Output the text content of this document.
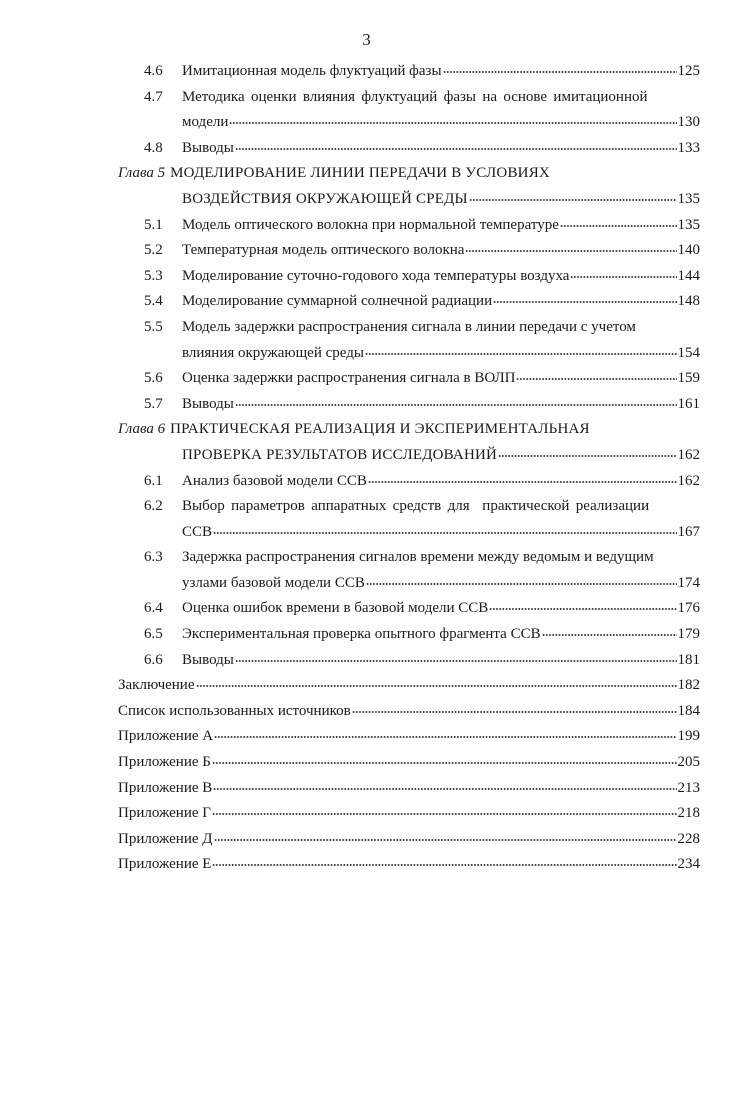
3
4.6	Имитационная модель флуктуаций фазы	125
4.7	Методика оценки влияния флуктуаций фазы на основе имитационной
модели	130
4.8	Выводы	133
Глава 5 МОДЕЛИРОВАНИЕ ЛИНИИ ПЕРЕДАЧИ В УСЛОВИЯХ
ВОЗДЕЙСТВИЯ ОКРУЖАЮЩЕЙ СРЕДЫ	135
5.1	Модель оптического волокна при нормальной температуре	135
5.2	Температурная модель оптического волокна	140
5.3	Моделирование суточно-годового хода температуры воздуха	144
5.4	Моделирование суммарной солнечной радиации	148
5.5	Модель задержки распространения сигнала в линии передачи с учетом
влияния окружающей среды	154
5.6	Оценка задержки распространения сигнала в ВОЛП	159
5.7	Выводы	161
Глава 6 ПРАКТИЧЕСКАЯ РЕАЛИЗАЦИЯ И ЭКСПЕРИМЕНТАЛЬНАЯ
ПРОВЕРКА РЕЗУЛЬТАТОВ ИССЛЕДОВАНИЙ	162
6.1	Анализ базовой модели ССВ	162
6.2	Выбор параметров аппаратных средств для  практической реализации
ССВ	167
6.3	Задержка распространения сигналов времени между ведомым и ведущим
узлами базовой модели ССВ	174
6.4	Оценка ошибок времени в базовой модели ССВ	176
6.5	Экспериментальная проверка опытного фрагмента ССВ	179
6.6	Выводы	181
Заключение	182
Список использованных источников	184
Приложение А	199
Приложение Б	205
Приложение В	213
Приложение Г	218
Приложение Д	228
Приложение Е	234
